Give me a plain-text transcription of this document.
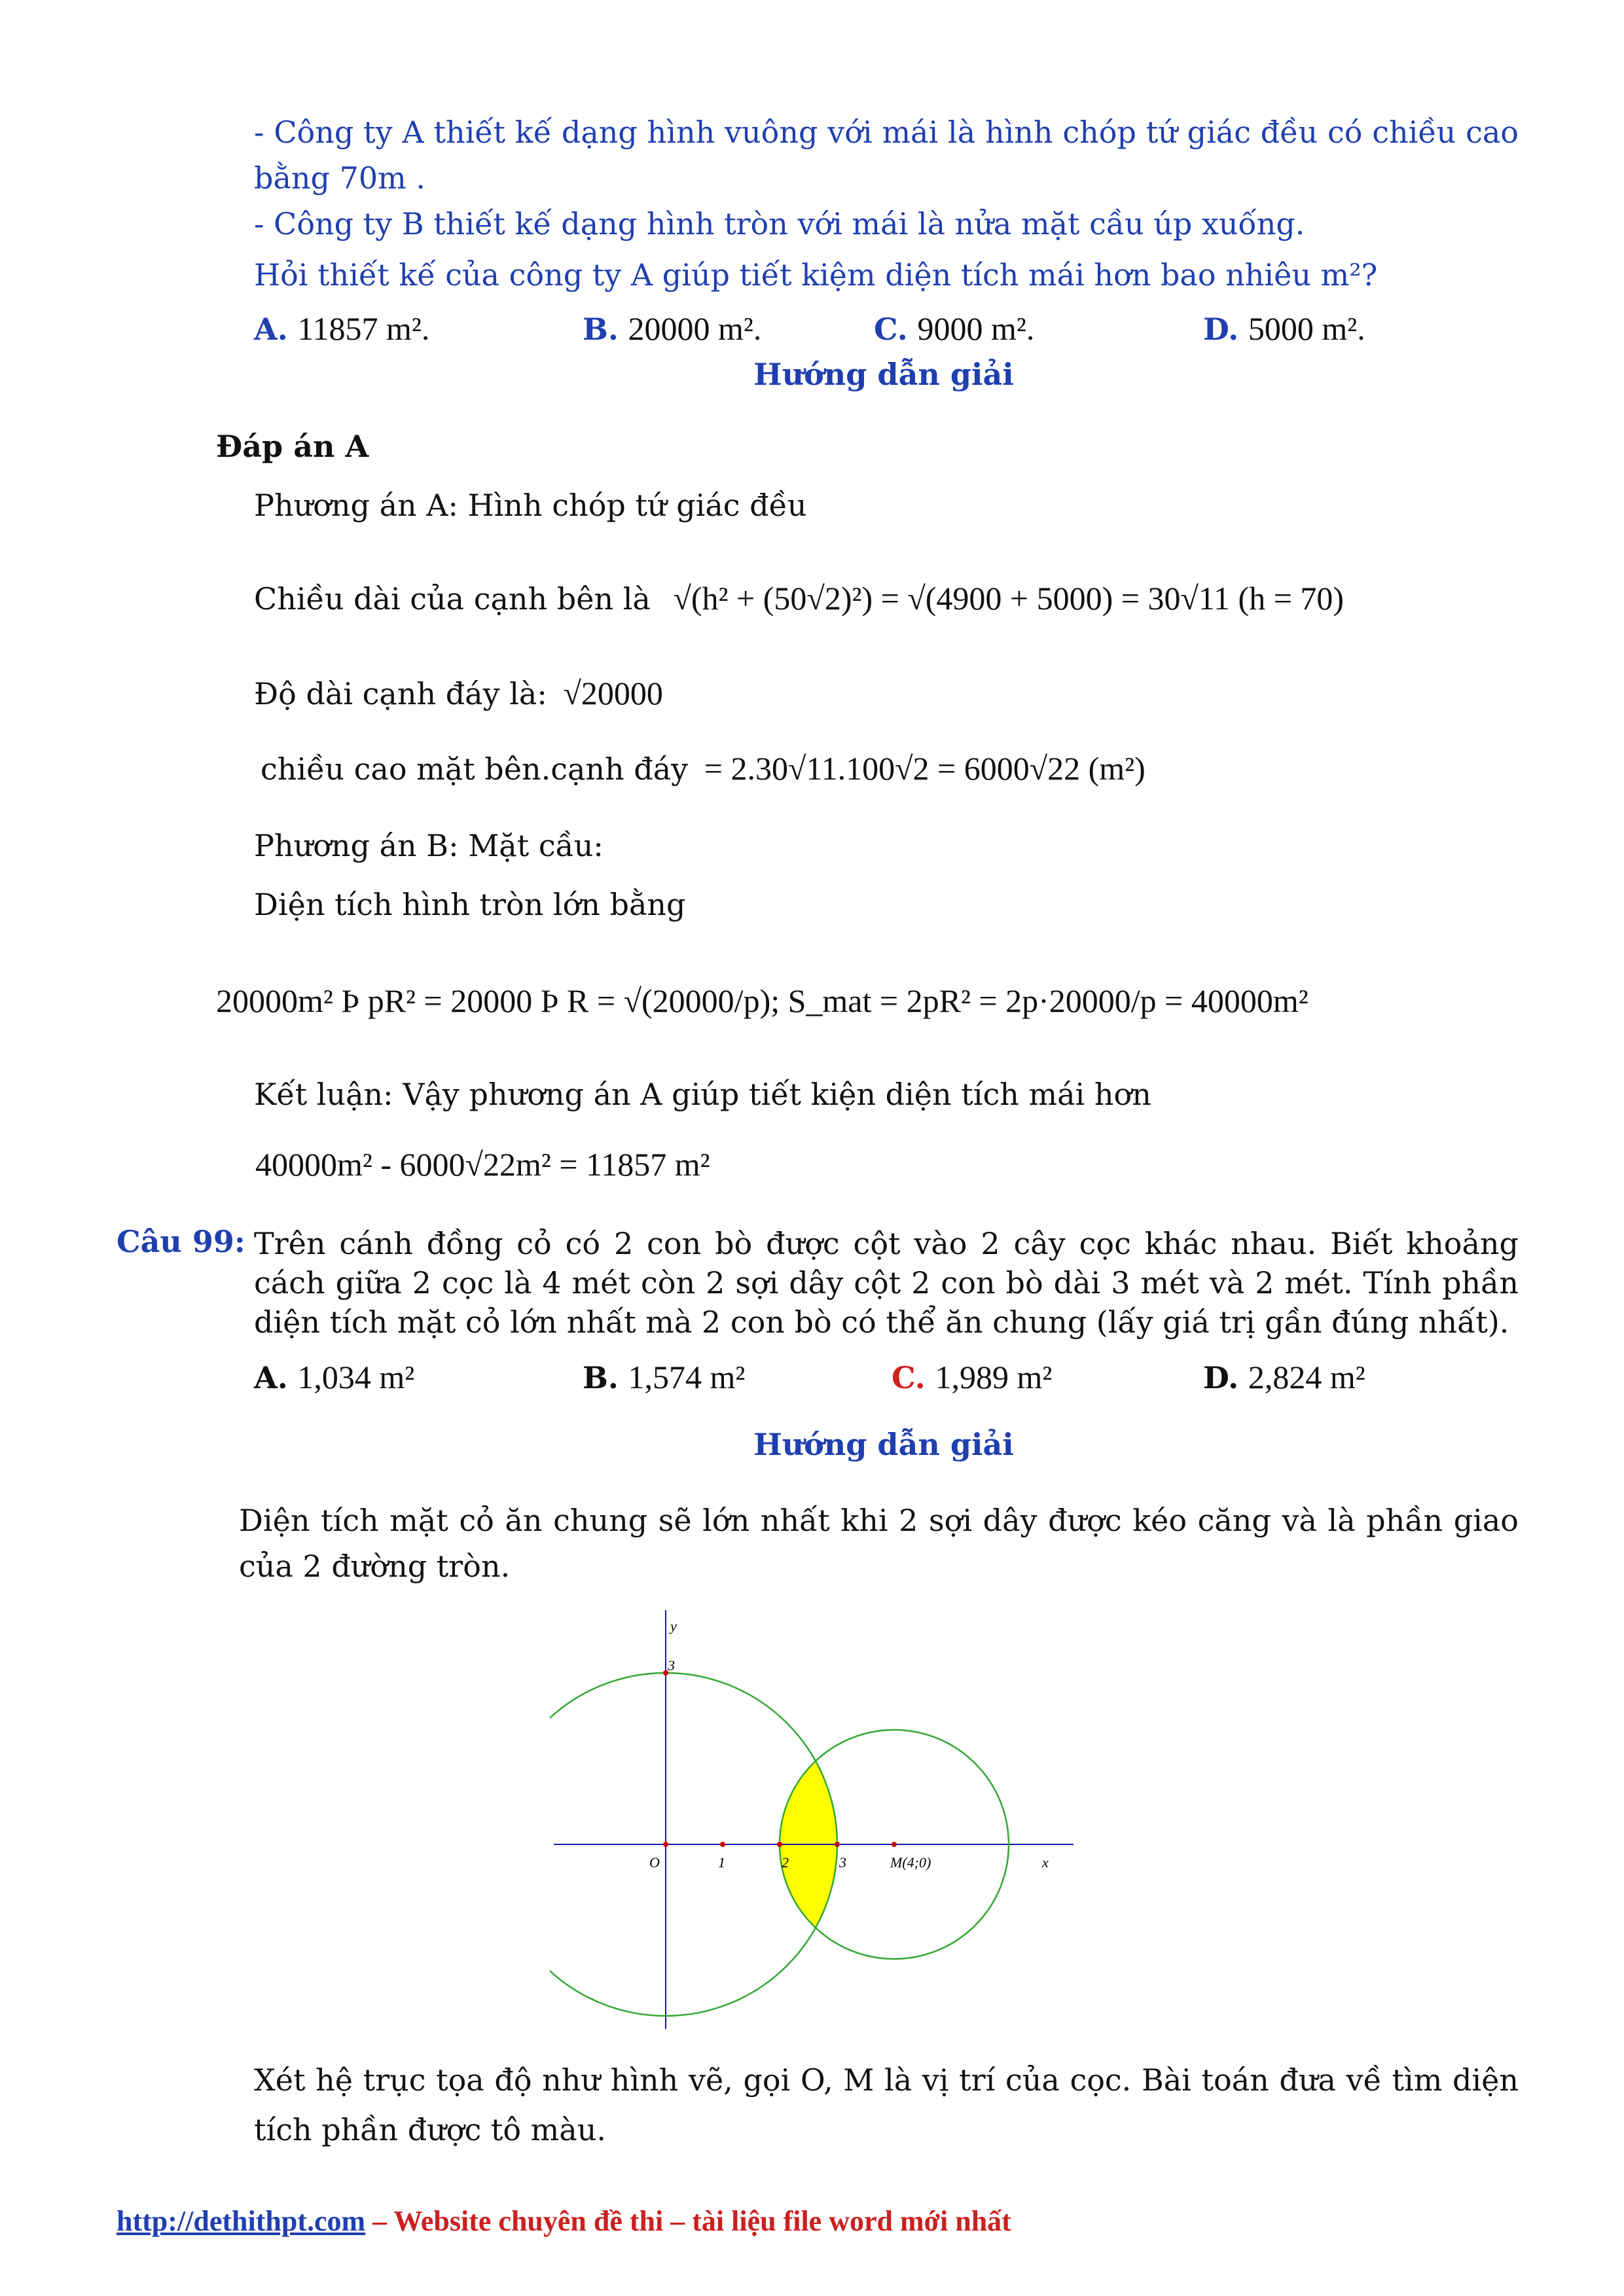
- Công ty A thiết kế dạng hình vuông với mái là hình chóp tứ giác đều có chiều cao
bằng 70m .
- Công ty B thiết kế dạng hình tròn với mái là nửa mặt cầu úp xuống.
Hỏi thiết kế của công ty A giúp tiết kiệm diện tích mái hơn bao nhiêu m²?
A. 11857 m².	B. 20000 m².	C. 9000 m².	D. 5000 m².
Hướng dẫn giải
Đáp án A
Phương án A: Hình chóp tứ giác đều
Chiều dài của cạnh bên là √(h² + (50√2)²) = √(4900 + 5000) = 30√11 (h = 70)
Độ dài cạnh đáy là: √20000
chiều cao mặt bên.cạnh đáy = 2.30√11.100√2 = 6000√22 (m²)
Phương án B: Mặt cầu:
Diện tích hình tròn lớn bằng
20000m² Þ pR² = 20000 Þ R = √(20000/p); S_mat = 2pR² = 2p·20000/p = 40000m²
Kết luận: Vậy phương án A giúp tiết kiện diện tích mái hơn
40000m² - 6000√22m² = 11857 m²
Câu 99: Trên cánh đồng cỏ có 2 con bò được cột vào 2 cây cọc khác nhau. Biết khoảng cách giữa 2 cọc là 4 mét còn 2 sợi dây cột 2 con bò dài 3 mét và 2 mét. Tính phần diện tích mặt cỏ lớn nhất mà 2 con bò có thể ăn chung (lấy giá trị gần đúng nhất).
A. 1,034 m²	B. 1,574 m²	C. 1,989 m²	D. 2,824 m²
Hướng dẫn giải
Diện tích mặt cỏ ăn chung sẽ lớn nhất khi 2 sợi dây được kéo căng và là phần giao của 2 đường tròn.
y
3
O	1	2	3	M(4;0)	x
Xét hệ trục tọa độ như hình vẽ, gọi O, M là vị trí của cọc. Bài toán đưa về tìm diện tích phần được tô màu.
http://dethithpt.com – Website chuyên đề thi – tài liệu file word mới nhất
